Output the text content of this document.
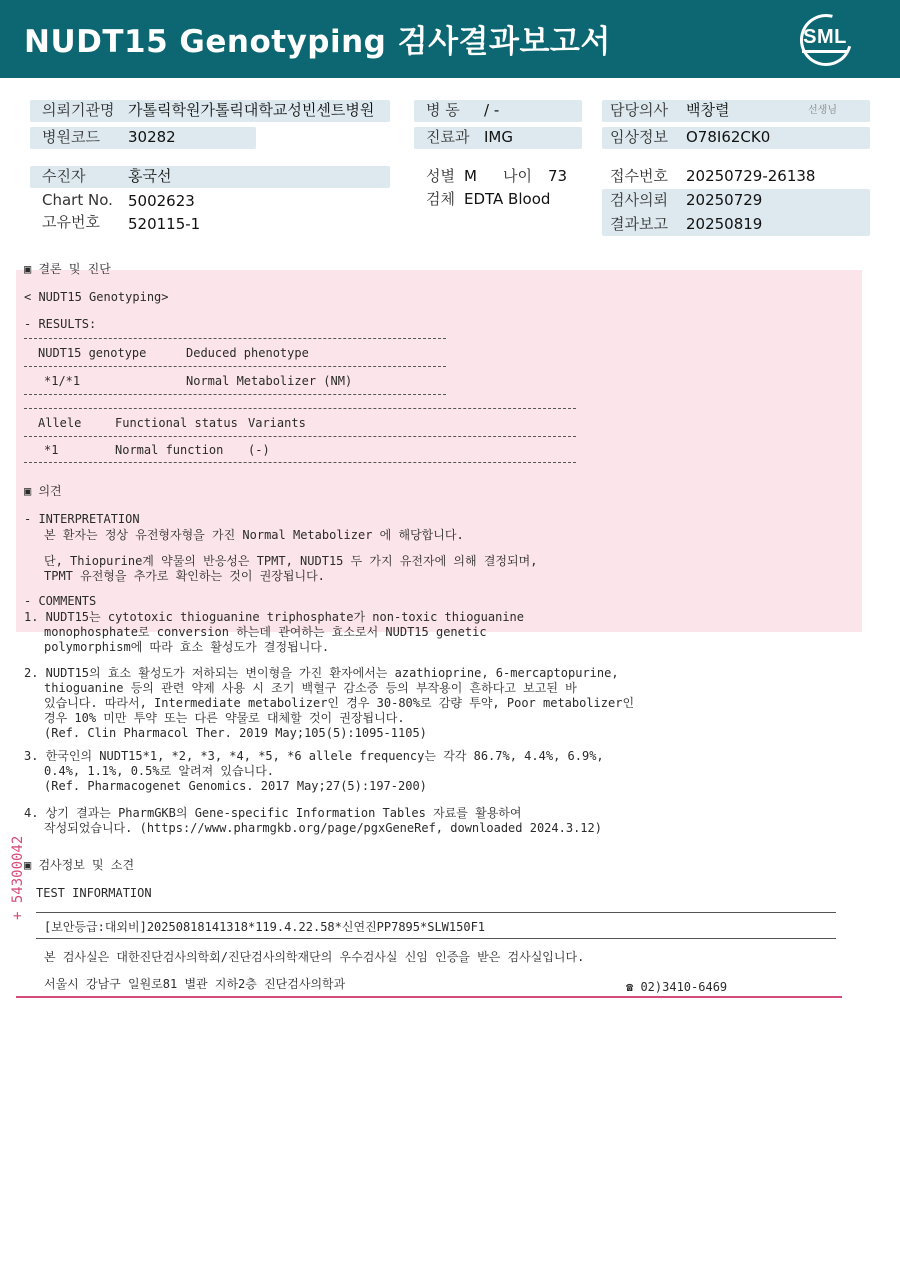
NUDT15 Genotyping 검사결과보고서	SML
의뢰기관명 가톨릭학원가톨릭대학교성빈센트병원
병원코드 30282
병 동 / -
진료과 IMG
담당의사 백창렬	선생님
임상정보 O78I62CK0
수진자	홍국선
Chart No. 5002623
고유번호 520115-1
성별 M 나이 73
검체 EDTA Blood
접수번호 20250729-26138
검사의뢰 20250729
결과보고 20250819
▣ 결론 및 진단
< NUDT15 Genotyping>
- RESULTS:
NUDT15 genotype	Deduced phenotype
*1/*1	Normal Metabolizer (NM)
Allele	Functional status Variants
*1	Normal function (-)
▣ 의견
- INTERPRETATION
본 환자는 정상 유전형자형을 가진 Normal Metabolizer 에 해당합니다.
단, Thiopurine계 약물의 반응성은 TPMT, NUDT15 두 가지 유전자에 의해 결정되며,
TPMT 유전형을 추가로 확인하는 것이 권장됩니다.
- COMMENTS
1. NUDT15는 cytotoxic thioguanine triphosphate가 non-toxic thioguanine
monophosphate로 conversion 하는데 관여하는 효소로서 NUDT15 genetic
polymorphism에 따라 효소 활성도가 결정됩니다.
2. NUDT15의 효소 활성도가 저하되는 변이형을 가진 환자에서는 azathioprine, 6-mercaptopurine,
thioguanine 등의 관련 약제 사용 시 조기 백혈구 감소증 등의 부작용이 흔하다고 보고된 바
있습니다. 따라서, Intermediate metabolizer인 경우 30-80%로 감량 투약, Poor metabolizer인
경우 10% 미만 투약 또는 다른 약물로 대체할 것이 권장됩니다.
(Ref. Clin Pharmacol Ther. 2019 May;105(5):1095-1105)
3. 한국인의 NUDT15*1, *2, *3, *4, *5, *6 allele frequency는 각각 86.7%, 4.4%, 6.9%,
0.4%, 1.1%, 0.5%로 알려져 있습니다.
(Ref. Pharmacogenet Genomics. 2017 May;27(5):197-200)
4. 상기 결과는 PharmGKB의 Gene-specific Information Tables 자료를 활용하여
작성되었습니다. (https://www.pharmgkb.org/page/pgxGeneRef, downloaded 2024.3.12)
▣ 검사정보 및 소견
TEST INFORMATION
[보안등급:대외비]20250818141318*119.4.22.58*신연진PP7895*SLW150F1
본 검사실은 대한진단검사의학회/진단검사의학재단의 우수검사실 신임 인증을 받은 검사실입니다.
서울시 강남구 일원로81 별관 지하2층 진단검사의학과	☎ 02)3410-6469
+ 54300042
